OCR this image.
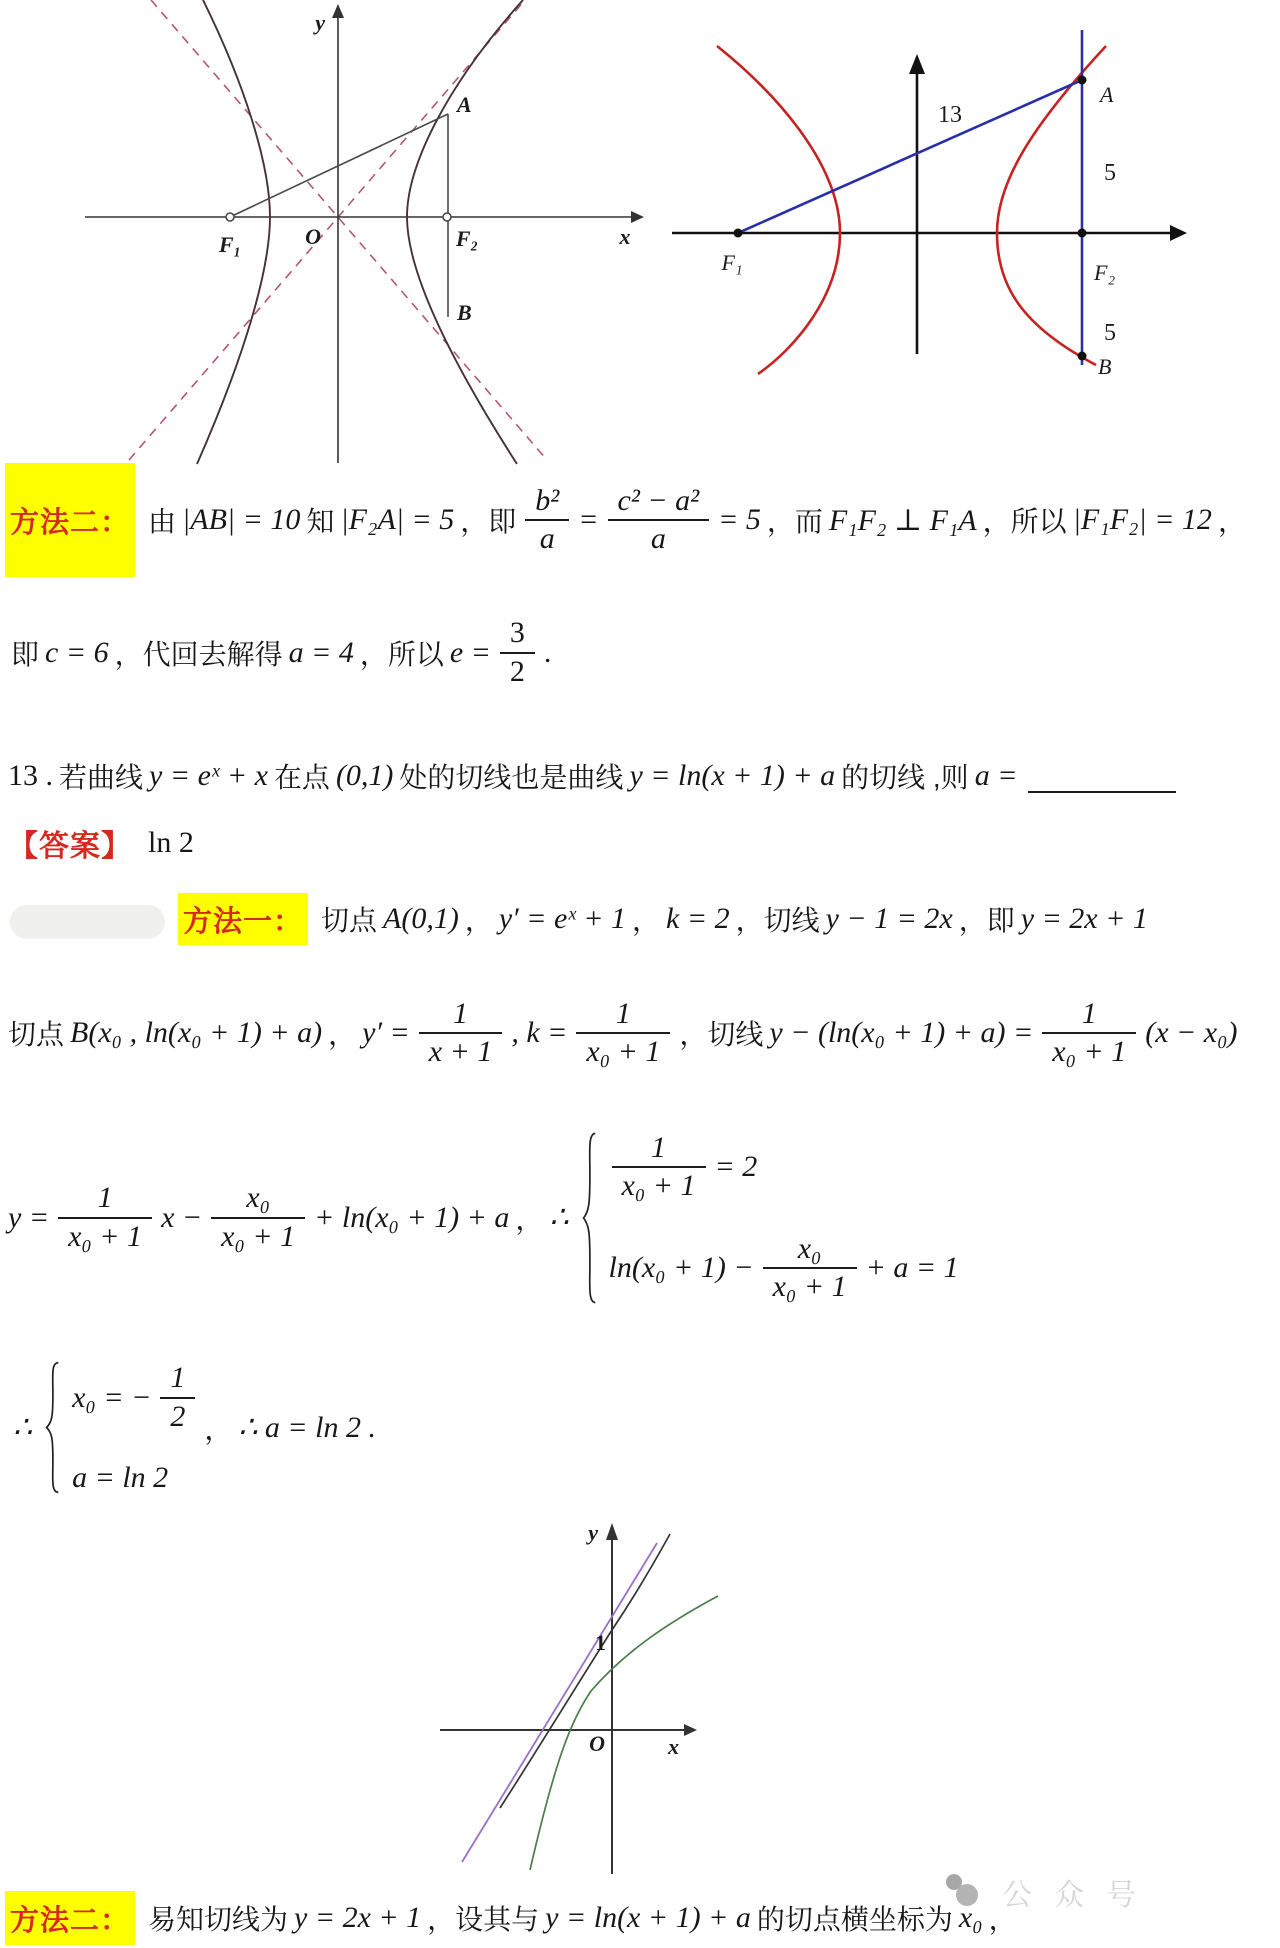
y
x
O
F₁	F₂
A
B
13
F₁
A
5
F₂
5
B
方法二： 由 |AB| = 10 知 |F₂A| = 5 ，即 $\frac{\text{b²}}{a} = \frac{\text{c² − a²}}{a} = 5$ ，而 F₁F₂ ⊥ F₁A ，所以 |F₁F₂| = 12 ，
即 c = 6 ，代回去解得 a = 4 ，所以 $e = \frac{3}{2}$ .
13 . 若曲线 y = eˣ + x 在点 (0,1) 处的切线也是曲线 y = ln(x + 1) + a 的切线 ,则 a =
【答案】 ln 2
方法一： 切点 A(0,1) ， y′ = eˣ + 1 ， k = 2 ，切线 y − 1 = 2x ，即 y = 2x + 1
切点 B(x₀ , ln(x₀ + 1) + a) ， $y' = \frac{1}{x + 1}$ , $k = \frac{1}{\text{x₀ + 1}}$ ，切线 $y - (\ln(x_0 + 1) + a) = \frac{1}{\text{x₀ + 1}} (x - x_0)$
$y = \frac{1}{\text{x₀ + 1}}$ $x - \frac{\text{x₀}}{\text{x₀ + 1}} + \ln(x_0 + 1) + a$ ， ∴
$\frac{1}{\text{x₀ + 1}} = 2$
$\ln(x_0 + 1) - \frac{\text{x₀}}{\text{x₀ + 1}} + a = 1$
∴
x₀ = − $\frac{1}{2}$
a = ln 2
， ∴ a = ln 2 .
y
x
O
1
公众号
方法二： 易知切线为 y = 2x + 1 ，设其与 y = ln(x + 1) + a 的切点横坐标为 x₀ ，
